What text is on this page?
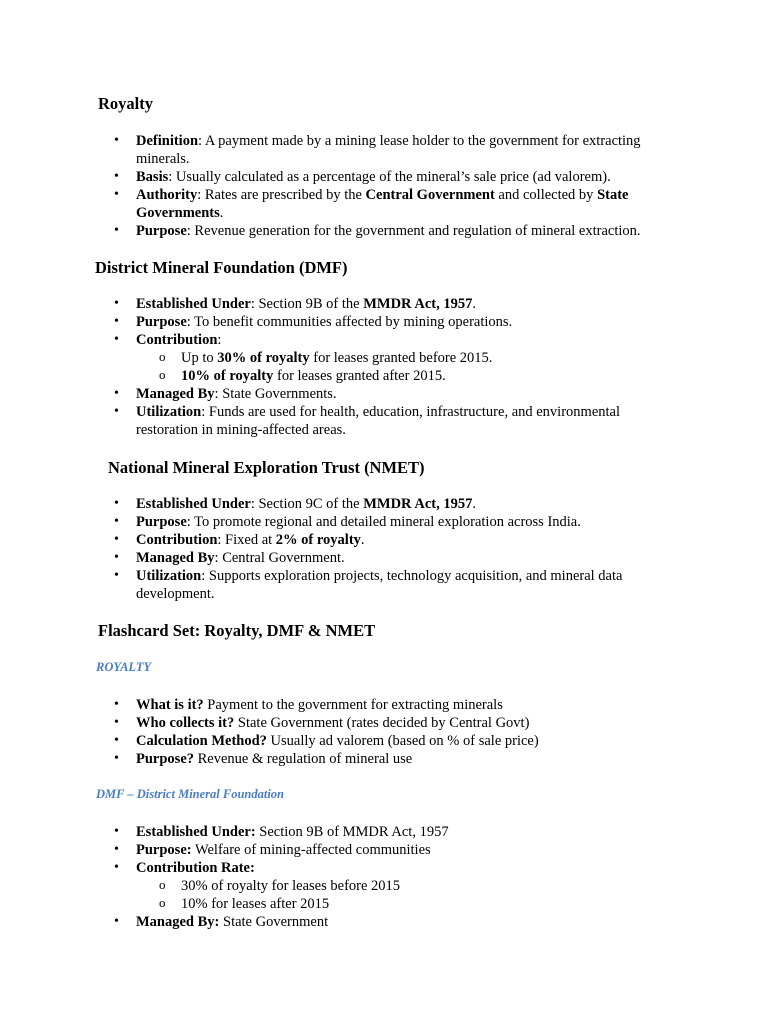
Royalty
• Definition: A payment made by a mining lease holder to the government for extracting minerals.
• Basis: Usually calculated as a percentage of the mineral’s sale price (ad valorem).
• Authority: Rates are prescribed by the Central Government and collected by State Governments.
• Purpose: Revenue generation for the government and regulation of mineral extraction.
District Mineral Foundation (DMF)
• Established Under: Section 9B of the MMDR Act, 1957.
• Purpose: To benefit communities affected by mining operations.
• Contribution:
o Up to 30% of royalty for leases granted before 2015.
o 10% of royalty for leases granted after 2015.
• Managed By: State Governments.
• Utilization: Funds are used for health, education, infrastructure, and environmental restoration in mining-affected areas.
National Mineral Exploration Trust (NMET)
• Established Under: Section 9C of the MMDR Act, 1957.
• Purpose: To promote regional and detailed mineral exploration across India.
• Contribution: Fixed at 2% of royalty.
• Managed By: Central Government.
• Utilization: Supports exploration projects, technology acquisition, and mineral data development.
Flashcard Set: Royalty, DMF & NMET

ROYALTY

• What is it? Payment to the government for extracting minerals
• Who collects it? State Government (rates decided by Central Govt)
• Calculation Method? Usually ad valorem (based on % of sale price)
• Purpose? Revenue & regulation of mineral use

DMF – District Mineral Foundation

• Established Under: Section 9B of MMDR Act, 1957
• Purpose: Welfare of mining-affected communities
• Contribution Rate:
o 30% of royalty for leases before 2015
o 10% for leases after 2015
• Managed By: State Government
